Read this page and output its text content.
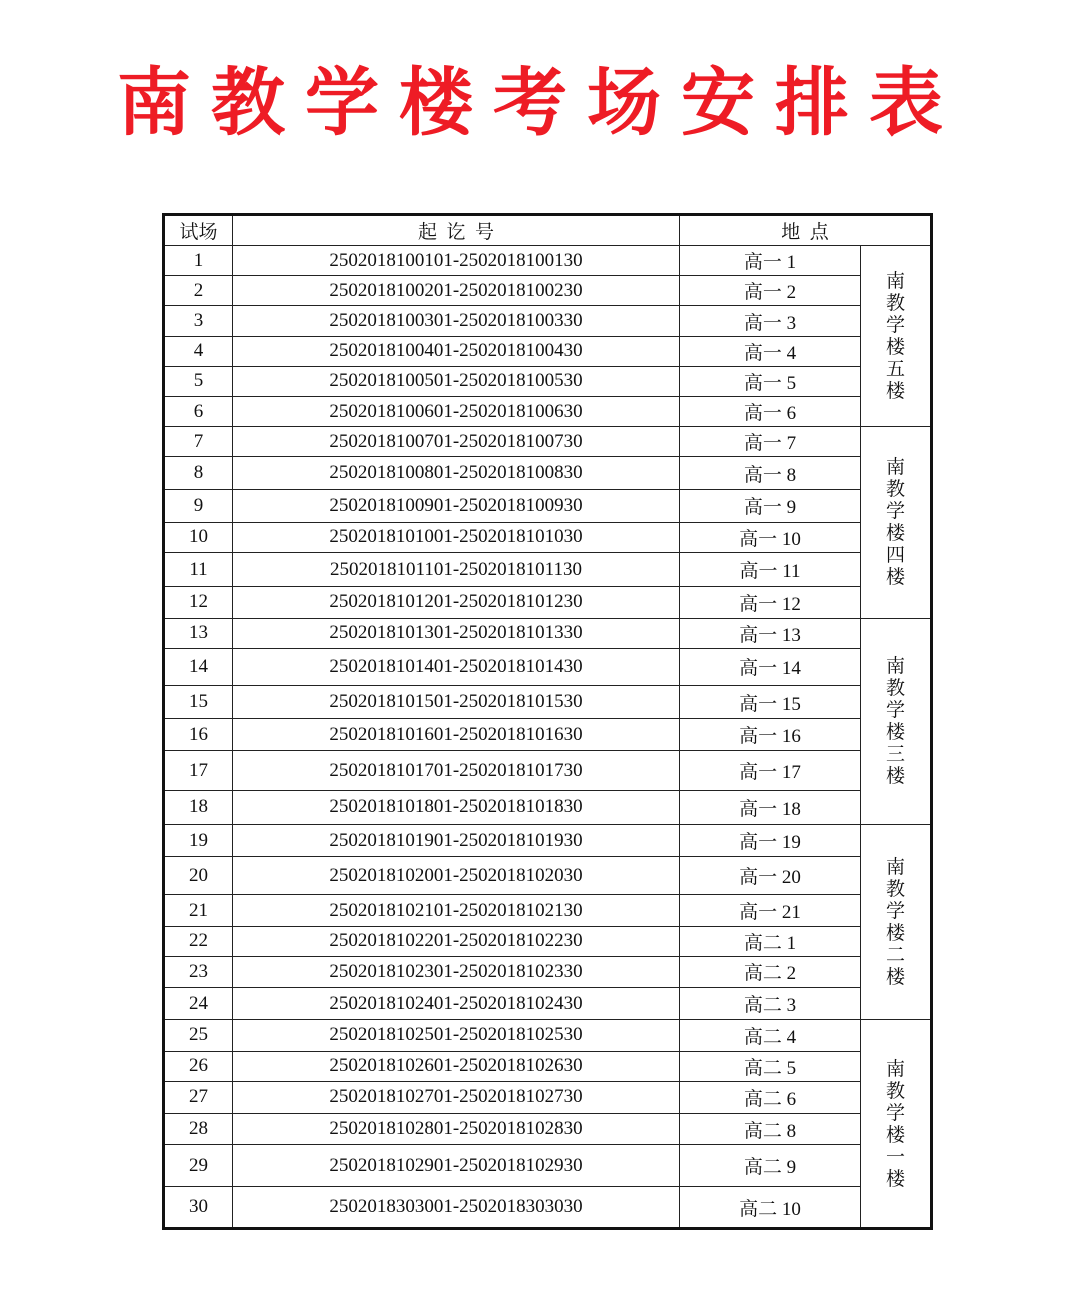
南教学楼考场安排表
试场	起  讫  号	地  点	
1	2502018100101-2502018100130	高一 1	南教学楼五楼
2	2502018100201-2502018100230	高一 2	
3	2502018100301-2502018100330	高一 3	
4	2502018100401-2502018100430	高一 4	
5	2502018100501-2502018100530	高一 5	
6	2502018100601-2502018100630	高一 6	
7	2502018100701-2502018100730	高一 7	南教学楼四楼
8	2502018100801-2502018100830	高一 8	
9	2502018100901-2502018100930	高一 9	
10	2502018101001-2502018101030	高一 10	
11	2502018101101-2502018101130	高一 11	
12	2502018101201-2502018101230	高一 12	
13	2502018101301-2502018101330	高一 13	南教学楼三楼
14	2502018101401-2502018101430	高一 14	
15	2502018101501-2502018101530	高一 15	
16	2502018101601-2502018101630	高一 16	
17	2502018101701-2502018101730	高一 17	
18	2502018101801-2502018101830	高一 18	
19	2502018101901-2502018101930	高一 19	南教学楼二楼
20	2502018102001-2502018102030	高一 20	
21	2502018102101-2502018102130	高一 21	
22	2502018102201-2502018102230	高二 1	
23	2502018102301-2502018102330	高二 2	
24	2502018102401-2502018102430	高二 3	
25	2502018102501-2502018102530	高二 4	南教学楼一楼
26	2502018102601-2502018102630	高二 5	
27	2502018102701-2502018102730	高二 6	
28	2502018102801-2502018102830	高二 8	
29	2502018102901-2502018102930	高二 9	
30	2502018303001-2502018303030	高二 10	
